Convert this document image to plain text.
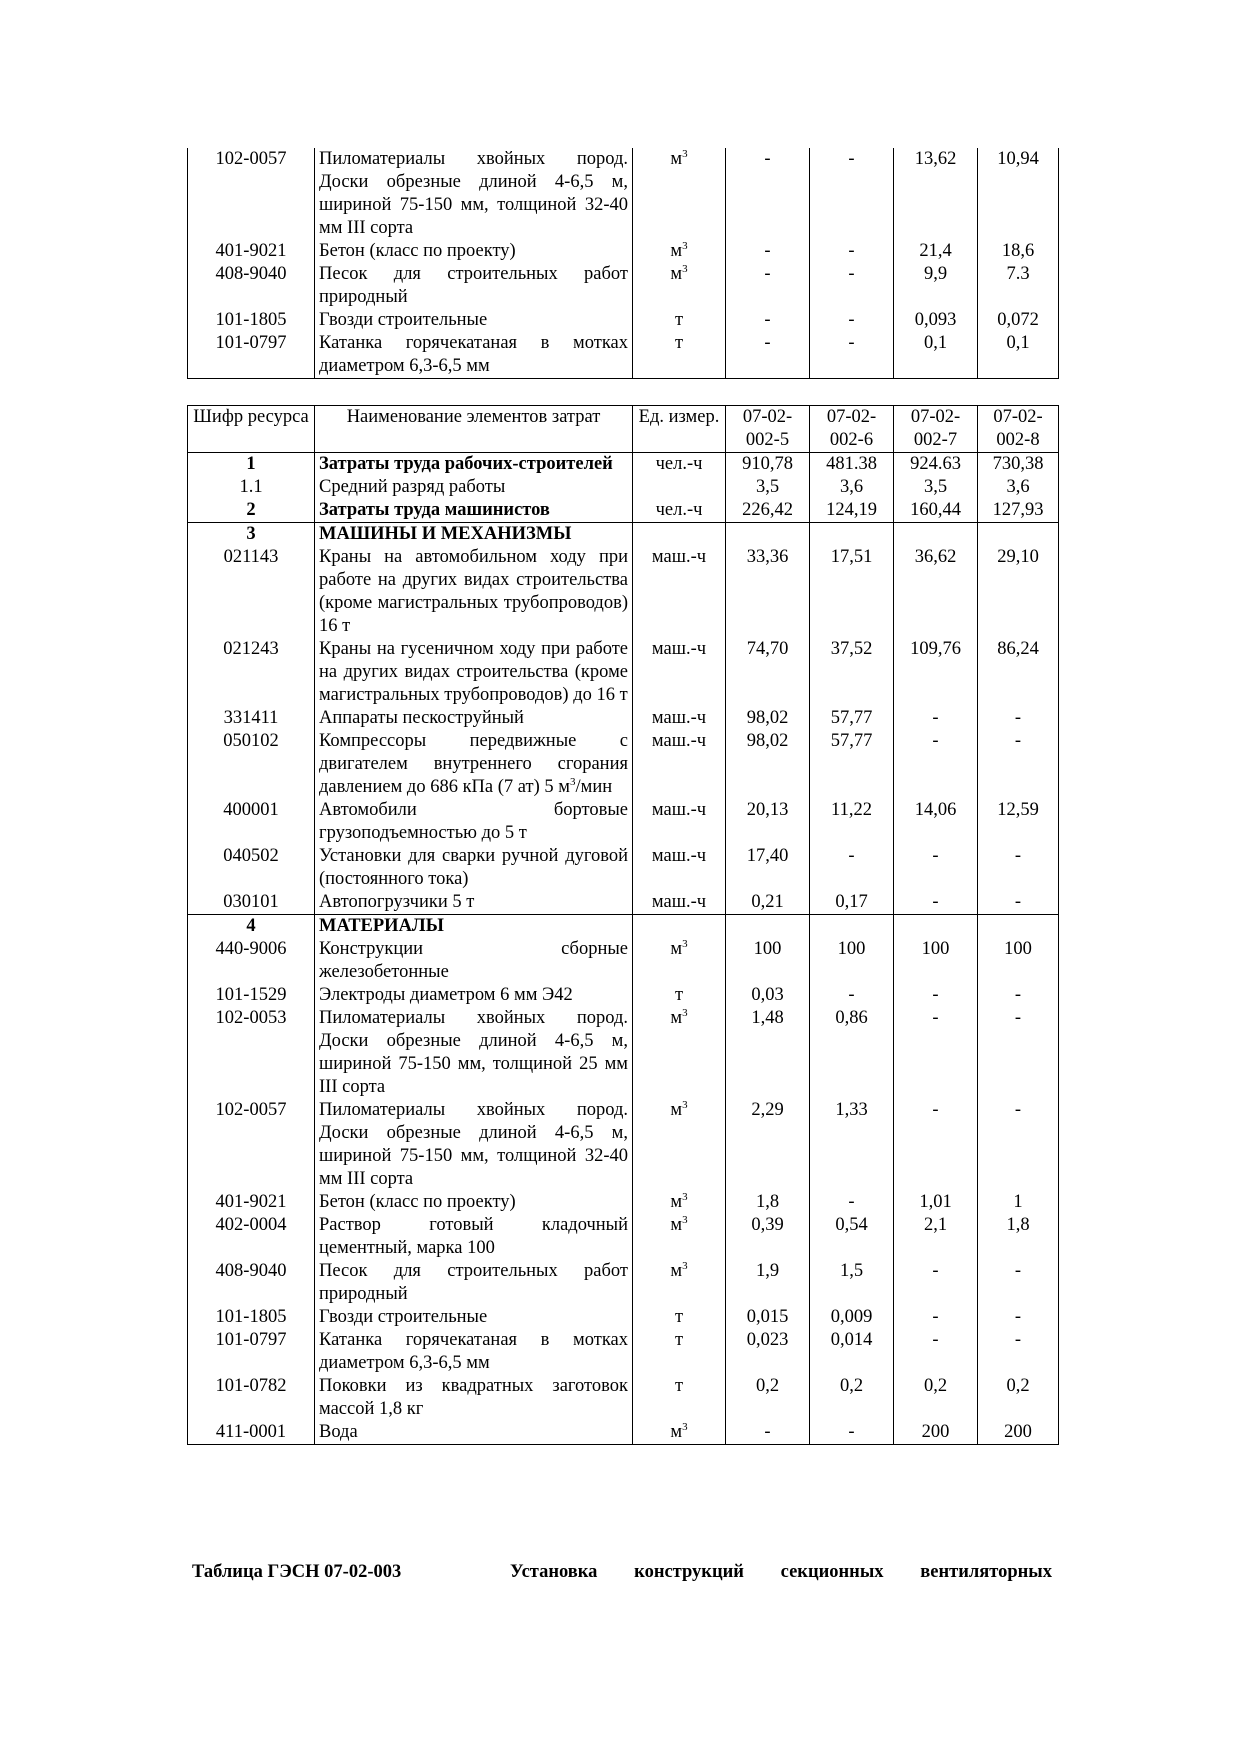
102-0057	Пиломатериалы хвойных пород. Доски обрезные длиной 4-6,5 м, шириной 75-150 мм, толщиной 32-40 мм III сорта	$м^3$	-	-	13,62	10,94
401-9021	Бетон (класс по проекту)	$м^3$	-	-	21,4	18,6
408-9040	Песок для строительных работ природный	$м^3$	-	-	9,9	7.3
101-1805	Гвозди строительные	т	-	-	0,093	0,072
101-0797	Катанка горячекатаная в мотках диаметром 6,3-6,5 мм	т	-	-	0,1	0,1
Шифр ресурса	Наименование элементов затрат	Ед. измер.	07-02-002-5	07-02-002-6	07-02-002-7	07-02-002-8
1	Затраты труда рабочих-строителей	чел.-ч	910,78	481.38	924.63	730,38
1.1	Средний разряд работы		3,5	3,6	3,5	3,6
2	Затраты труда машинистов	чел.-ч	226,42	124,19	160,44	127,93
3	МАШИНЫ И МЕХАНИЗМЫ					
021143	Краны на автомобильном ходу при работе на других видах строительства (кроме магистральных трубопроводов) 16 т	маш.-ч	33,36	17,51	36,62	29,10
021243	Краны на гусеничном ходу при работе на других видах строительства (кроме магистральных трубопроводов) до 16 т	маш.-ч	74,70	37,52	109,76	86,24
331411	Аппараты пескоструйный	маш.-ч	98,02	57,77	-	-
050102	Компрессоры передвижные с двигателем внутреннего сгорания давлением до 686 кПа (7 ат) 5 $м^3$/мин	маш.-ч	98,02	57,77	-	-
400001	Автомобили бортовые грузоподъемностью до 5 т	маш.-ч	20,13	11,22	14,06	12,59
040502	Установки для сварки ручной дуговой (постоянного тока)	маш.-ч	17,40	-	-	-
030101	Автопогрузчики 5 т	маш.-ч	0,21	0,17	-	-
4	МАТЕРИАЛЫ					
440-9006	Конструкции сборные железобетонные	$м^3$	100	100	100	100
101-1529	Электроды диаметром 6 мм Э42	т	0,03	-	-	-
102-0053	Пиломатериалы хвойных пород. Доски обрезные длиной 4-6,5 м, шириной 75-150 мм, толщиной 25 мм III сорта	$м^3$	1,48	0,86	-	-
102-0057	Пиломатериалы хвойных пород. Доски обрезные длиной 4-6,5 м, шириной 75-150 мм, толщиной 32-40 мм III сорта	$м^3$	2,29	1,33	-	-
401-9021	Бетон (класс по проекту)	$м^3$	1,8	-	1,01	1
402-0004	Раствор готовый кладочный цементный, марка 100	$м^3$	0,39	0,54	2,1	1,8
408-9040	Песок для строительных работ природный	$м^3$	1,9	1,5	-	-
101-1805	Гвозди строительные	т	0,015	0,009	-	-
101-0797	Катанка горячекатаная в мотках диаметром 6,3-6,5 мм	т	0,023	0,014	-	-
101-0782	Поковки из квадратных заготовок массой 1,8 кг	т	0,2	0,2	0,2	0,2
411-0001	Вода	$м^3$	-	-	200	200
Таблица ГЭСН 07-02-003	Установка конструкций секционных вентиляторных
